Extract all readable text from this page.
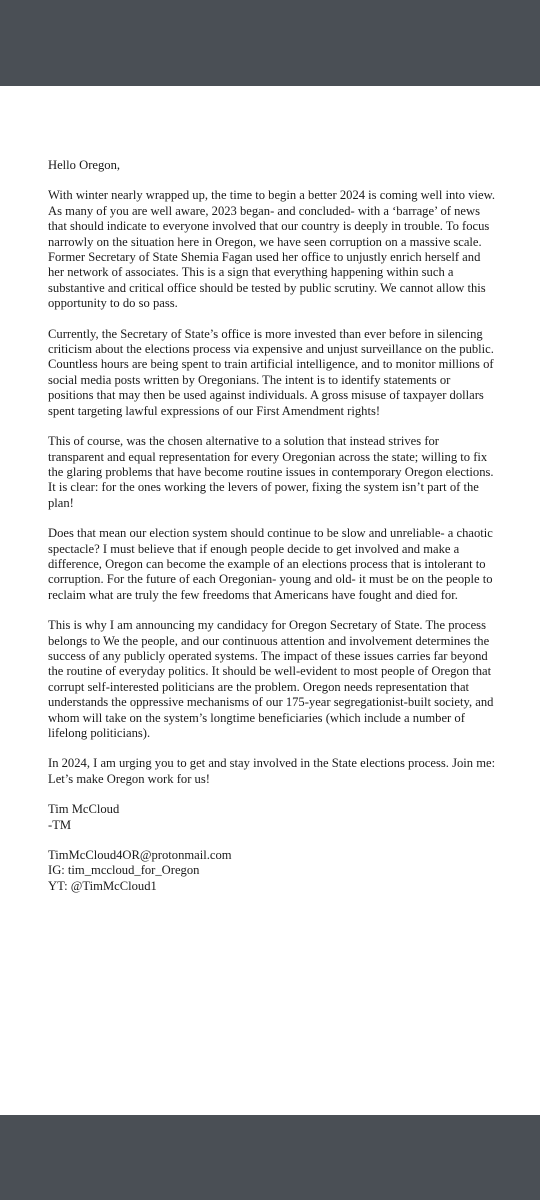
Hello Oregon,

With winter nearly wrapped up, the time to begin a better 2024 is coming well into view. As many of you are well aware, 2023 began- and concluded- with a ‘barrage’ of news that should indicate to everyone involved that our country is deeply in trouble. To focus narrowly on the situation here in Oregon, we have seen corruption on a massive scale. Former Secretary of State Shemia Fagan used her office to unjustly enrich herself and her network of associates. This is a sign that everything happening within such a substantive and critical office should be tested by public scrutiny. We cannot allow this opportunity to do so pass.

Currently, the Secretary of State’s office is more invested than ever before in silencing criticism about the elections process via expensive and unjust surveillance on the public. Countless hours are being spent to train artificial intelligence, and to monitor millions of social media posts written by Oregonians. The intent is to identify statements or positions that may then be used against individuals. A gross misuse of taxpayer dollars spent targeting lawful expressions of our First Amendment rights!

This of course, was the chosen alternative to a solution that instead strives for transparent and equal representation for every Oregonian across the state; willing to fix the glaring problems that have become routine issues in contemporary Oregon elections. It is clear: for the ones working the levers of power, fixing the system isn’t part of the plan!

Does that mean our election system should continue to be slow and unreliable- a chaotic spectacle? I must believe that if enough people decide to get involved and make a difference, Oregon can become the example of an elections process that is intolerant to corruption. For the future of each Oregonian- young and old- it must be on the people to reclaim what are truly the few freedoms that Americans have fought and died for.

This is why I am announcing my candidacy for Oregon Secretary of State. The process belongs to We the people, and our continuous attention and involvement determines the success of any publicly operated systems. The impact of these issues carries far beyond the routine of everyday politics. It should be well-evident to most people of Oregon that corrupt self-interested politicians are the problem. Oregon needs representation that understands the oppressive mechanisms of our 175-year segregationist-built society, and whom will take on the system’s longtime beneficiaries (which include a number of lifelong politicians).

In 2024, I am urging you to get and stay involved in the State elections process. Join me: Let’s make Oregon work for us!

Tim McCloud
-TM

TimMcCloud4OR@protonmail.com
IG: tim_mccloud_for_Oregon
YT: @TimMcCloud1
